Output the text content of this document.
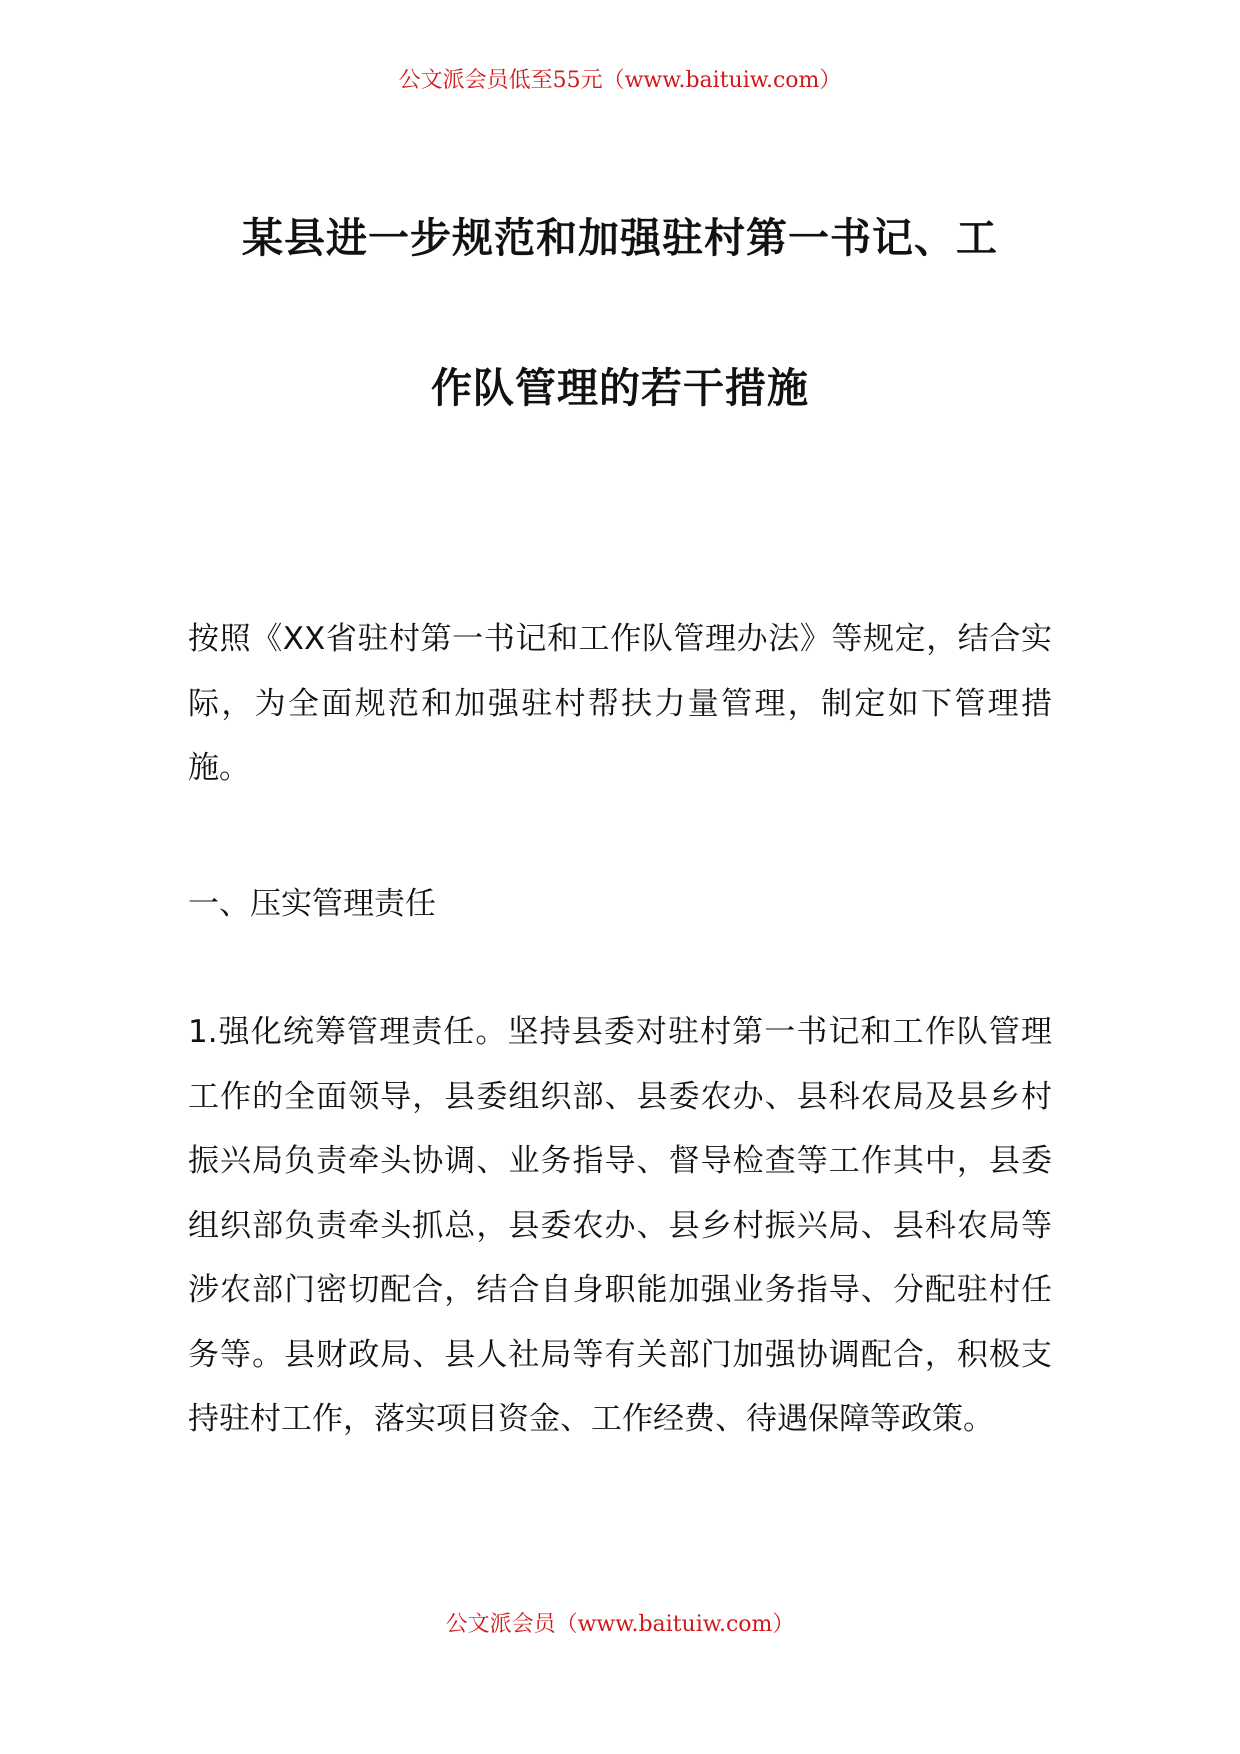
公文派会员低至55元（www.baituiw.com）
某县进一步规范和加强驻村第一书记、工
作队管理的若干措施
按照《XX省驻村第一书记和工作队管理办法》等规定，结合实际，为全面规范和加强驻村帮扶力量管理，制定如下管理措施。
一、压实管理责任
1.强化统筹管理责任。坚持县委对驻村第一书记和工作队管理工作的全面领导，县委组织部、县委农办、县科农局及县乡村振兴局负责牵头协调、业务指导、督导检查等工作其中，县委组织部负责牵头抓总，县委农办、县乡村振兴局、县科农局等涉农部门密切配合，结合自身职能加强业务指导、分配驻村任务等。县财政局、县人社局等有关部门加强协调配合，积极支持驻村工作，落实项目资金、工作经费、待遇保障等政策。
公文派会员（www.baituiw.com）
